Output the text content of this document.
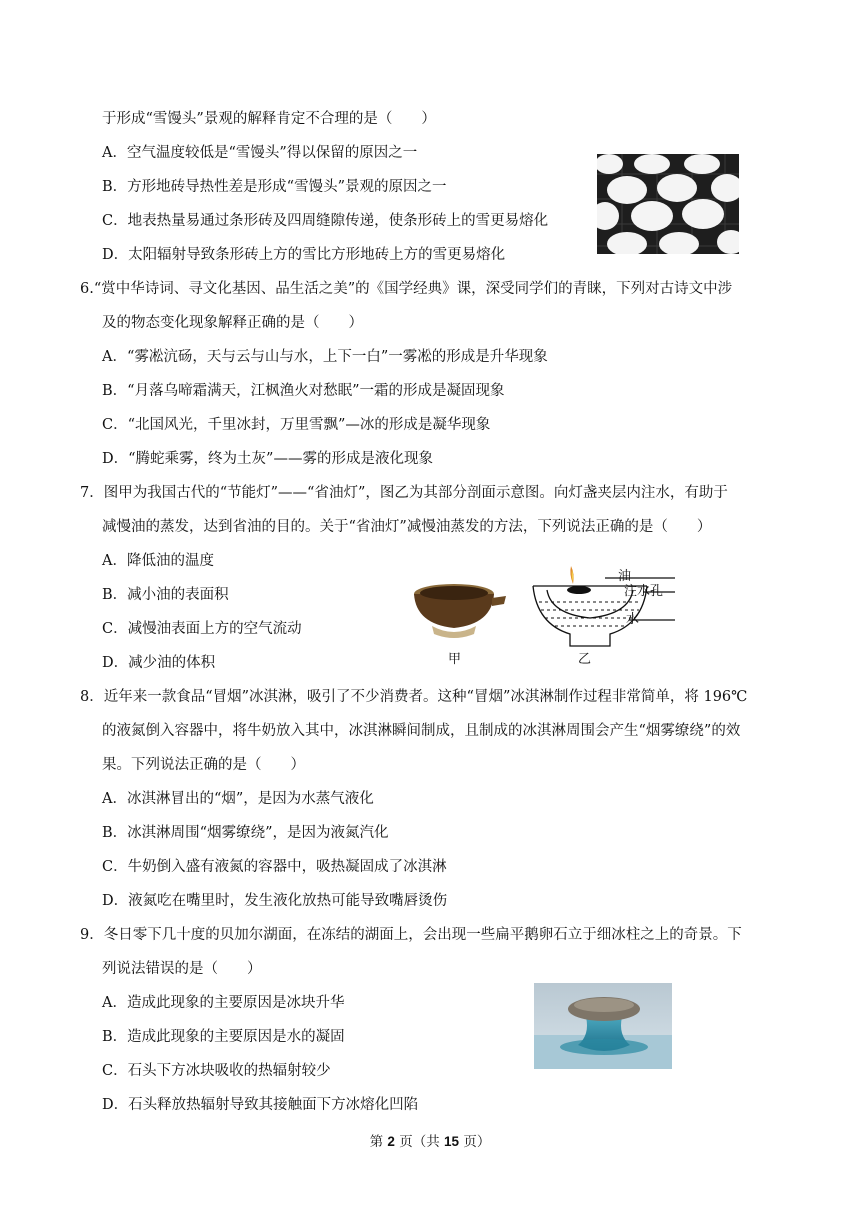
于形成“雪馒头”景观的解释肯定不合理的是（　　）
A．空气温度较低是“雪馒头”得以保留的原因之一
B．方形地砖导热性差是形成“雪馒头”景观的原因之一
C．地表热量易通过条形砖及四周缝隙传递，使条形砖上的雪更易熔化
D．太阳辐射导致条形砖上方的雪比方形地砖上方的雪更易熔化
6.“赏中华诗词、寻文化基因、品生活之美”的《国学经典》课，深受同学们的青睐，下列对古诗文中涉
及的物态变化现象解释正确的是（　　）
A．“雾凇沆砀，天与云与山与水，上下一白”一雾凇的形成是升华现象
B．“月落乌啼霜满天，江枫渔火对愁眠”一霜的形成是凝固现象
C．“北国风光，千里冰封，万里雪飘”—冰的形成是凝华现象
D．“腾蛇乘雾，终为土灰”——雾的形成是液化现象
7．图甲为我国古代的“节能灯”——“省油灯”，图乙为其部分剖面示意图。向灯盏夹层内注水，有助于
减慢油的蒸发，达到省油的目的。关于“省油灯”减慢油蒸发的方法，下列说法正确的是（　　）
A．降低油的温度
B．减小油的表面积
C．减慢油表面上方的空气流动
D．减少油的体积	甲
油
注水孔
水
乙
8．近年来一款食品“冒烟”冰淇淋，吸引了不少消费者。这种“冒烟”冰淇淋制作过程非常简单，将 196℃
的液氮倒入容器中，将牛奶放入其中，冰淇淋瞬间制成，且制成的冰淇淋周围会产生“烟雾缭绕”的效
果。下列说法正确的是（　　）
A．冰淇淋冒出的“烟”，是因为水蒸气液化
B．冰淇淋周围“烟雾缭绕”，是因为液氮汽化
C．牛奶倒入盛有液氮的容器中，吸热凝固成了冰淇淋
D．液氮吃在嘴里时，发生液化放热可能导致嘴唇烫伤
9．冬日零下几十度的贝加尔湖面，在冻结的湖面上，会出现一些扁平鹅卵石立于细冰柱之上的奇景。下
列说法错误的是（　　）
A．造成此现象的主要原因是冰块升华
B．造成此现象的主要原因是水的凝固
C．石头下方冰块吸收的热辐射较少
D．石头释放热辐射导致其接触面下方冰熔化凹陷
第 2 页（共 15 页）
